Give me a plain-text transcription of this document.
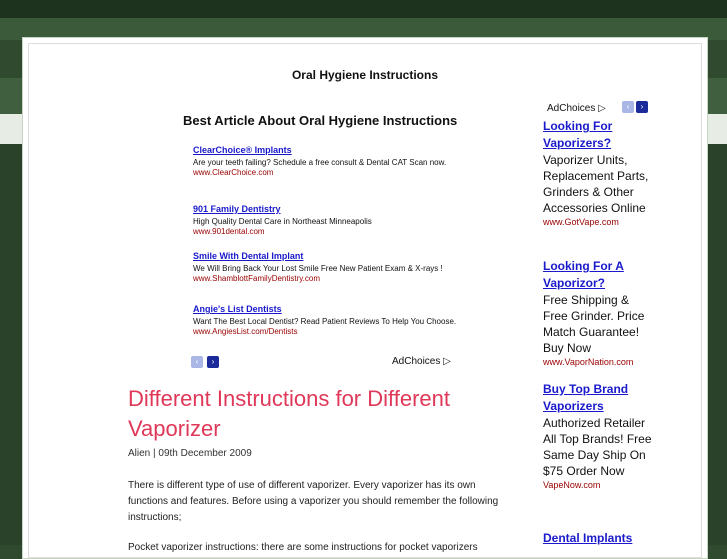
Oral Hygiene Instructions
Best Article About Oral Hygiene Instructions
ClearChoice® Implants
Are your teeth failing? Schedule a free consult & Dental CAT Scan now.
www.ClearChoice.com
901 Family Dentistry
High Quality Dental Care in Northeast Minneapolis
www.901dental.com
Smile With Dental Implant
We Will Bring Back Your Lost Smile Free New Patient Exam & X-rays !
www.ShamblottFamilyDentistry.com
Angie's List Dentists
Want The Best Local Dentist? Read Patient Reviews To Help You Choose.
www.AngiesList.com/Dentists
‹	›	AdChoices ▷
Different Instructions for Different Vaporizer
Alien | 09th December 2009
There is different type of use of different vaporizer. Every vaporizer has its own functions and features. Before using a vaporizer you should remember the following instructions;
Pocket vaporizer instructions: there are some instructions for pocket vaporizers
AdChoices ▷	‹	›
Looking For Vaporizers?
Vaporizer Units, Replacement Parts, Grinders & Other Accessories Online
www.GotVape.com
Looking For A Vaporizor?
Free Shipping & Free Grinder. Price Match Guarantee! Buy Now
www.VaporNation.com
Buy Top Brand Vaporizers
Authorized Retailer All Top Brands! Free Same Day Ship On $75 Order Now
VapeNow.com
Dental Implants
